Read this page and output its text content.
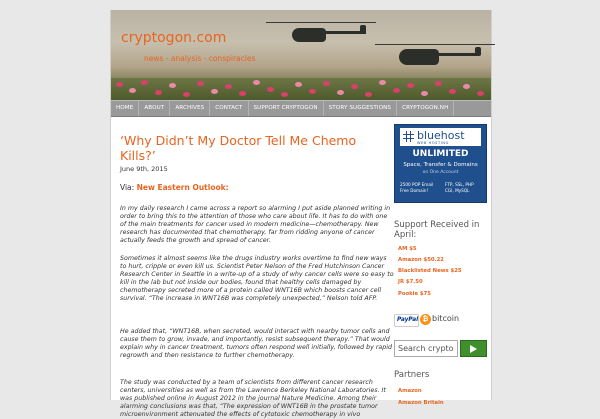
cryptogon.com
news - analysis - conspiracies
HOME	ABOUT	ARCHIVES	CONTACT	SUPPORT CRYPTOGON	STORY SUGGESTIONS	CRYPTOGON.NH
‘Why Didn’t My Doctor Tell Me Chemo Kills?’
June 9th, 2015
Via: New Eastern Outlook:

In my daily research I came across a report so alarming I put aside planned writing in order to bring this to the attention of those who care about life. It has to do with one of the main treatments for cancer used in modern medicine—chemotherapy. New research has documented that chemotherapy, far from ridding anyone of cancer actually feeds the growth and spread of cancer.

Sometimes it almost seems like the drugs industry works overtime to find new ways to hurt, cripple or even kill us. Scientist Peter Nelson of the Fred Hutchinson Cancer Research Center in Seattle in a write-up of a study of why cancer cells were so easy to kill in the lab but not inside our bodies, found that healthy cells damaged by chemotherapy secreted more of a protein called WNT16B which boosts cancer cell survival. “The increase in WNT16B was completely unexpected,” Nelson told AFP.

He added that, “WNT16B, when secreted, would interact with nearby tumor cells and cause them to grow, invade, and importantly, resist subsequent therapy.” That would explain why in cancer treatment, tumors often respond well initially, followed by rapid regrowth and then resistance to further chemotherapy.

The study was conducted by a team of scientists from different cancer research centers, universities as well as from the Lawrence Berkeley National Laboratories. It was published online in August 2012 in the journal Nature Medicine. Among their alarming conclusions was that, “The expression of WNT16B in the prostate tumor microenvironment attenuated the effects of cytotoxic chemotherapy in vivo

bluehost
WEB HOSTING
UNLIMITED
Space, Transfer & Domains
on One Account
2500 POP Email
Free Domain!
FTP, SSL, PHP
CGI, MySQL
Support Received in April:
AM $5
Amazon $50.22
Blacklisted News $25
JR $7.50
Pookie $75
PayPal ₿ bitcoin
Search cryptogon
Partners
Amazon
Amazon Britain
